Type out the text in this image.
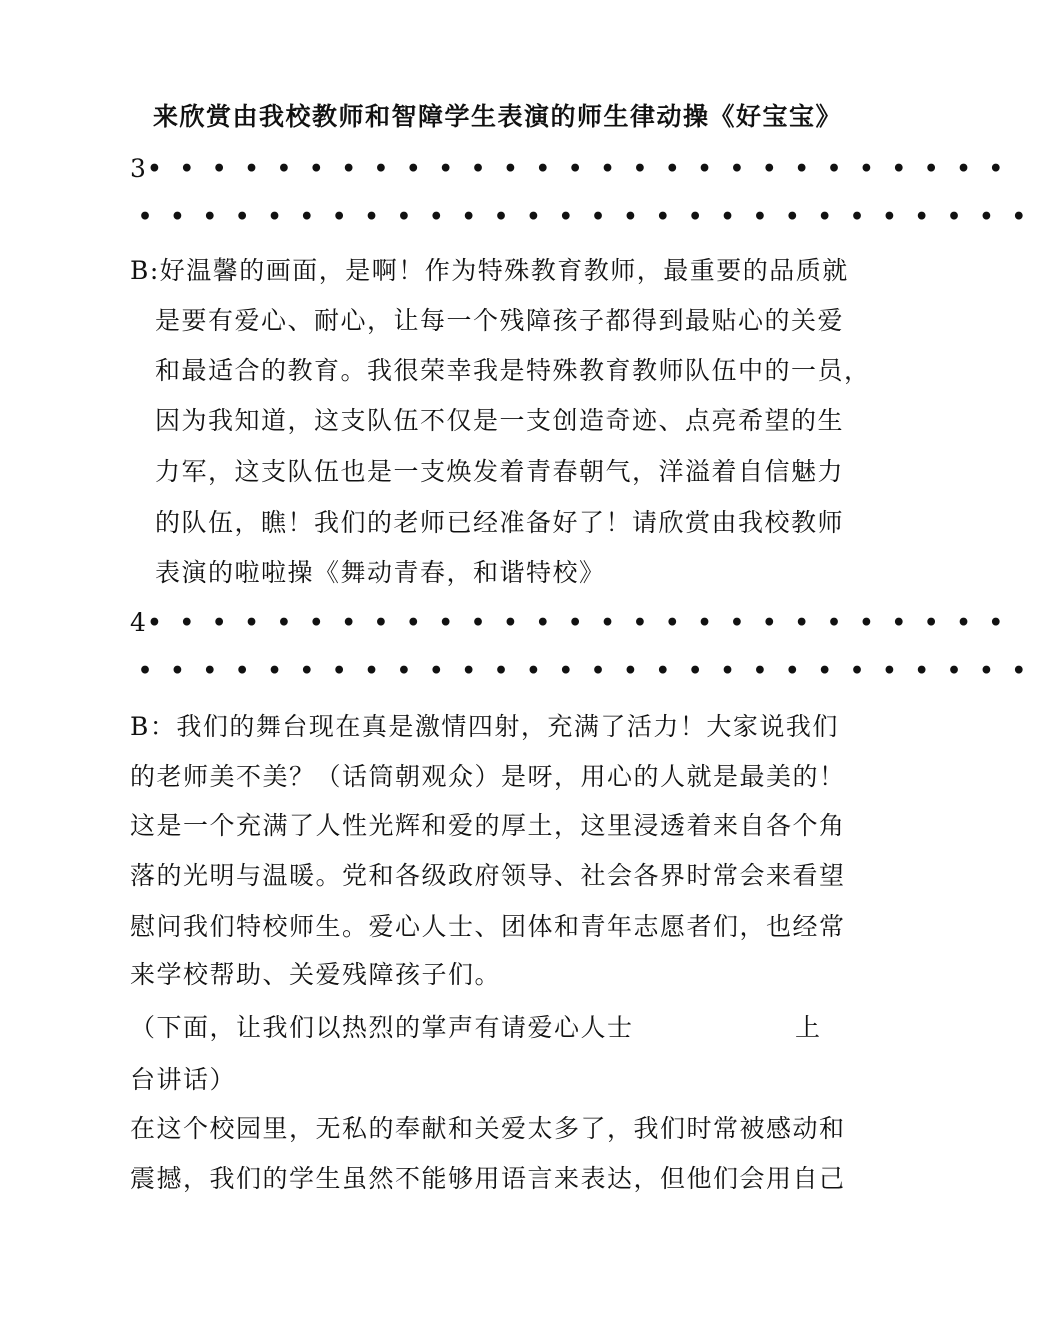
来欣赏由我校教师和智障学生表演的师生律动操《好宝宝》
3 •••••••••••••••••••••••••••
••••••••••••••••••••••••••••
B:好温馨的画面，是啊！作为特殊教育教师，最重要的品质就
是要有爱心、耐心，让每一个残障孩子都得到最贴心的关爱
和最适合的教育。我很荣幸我是特殊教育教师队伍中的一员，
因为我知道，这支队伍不仅是一支创造奇迹、点亮希望的生
力军，这支队伍也是一支焕发着青春朝气，洋溢着自信魅力
的队伍，瞧！我们的老师已经准备好了！请欣赏由我校教师
表演的啦啦操《舞动青春，和谐特校》
4 •••••••••••••••••••••••••••
••••••••••••••••••••••••••••
B：我们的舞台现在真是激情四射，充满了活力！大家说我们
的老师美不美？（话筒朝观众）是呀，用心的人就是最美的！
这是一个充满了人性光辉和爱的厚土，这里浸透着来自各个角
落的光明与温暖。党和各级政府领导、社会各界时常会来看望
慰问我们特校师生。爱心人士、团体和青年志愿者们，也经常
来学校帮助、关爱残障孩子们。
（下面，让我们以热烈的掌声有请爱心人士	上
台讲话）
在这个校园里，无私的奉献和关爱太多了，我们时常被感动和
震撼，我们的学生虽然不能够用语言来表达，但他们会用自己
